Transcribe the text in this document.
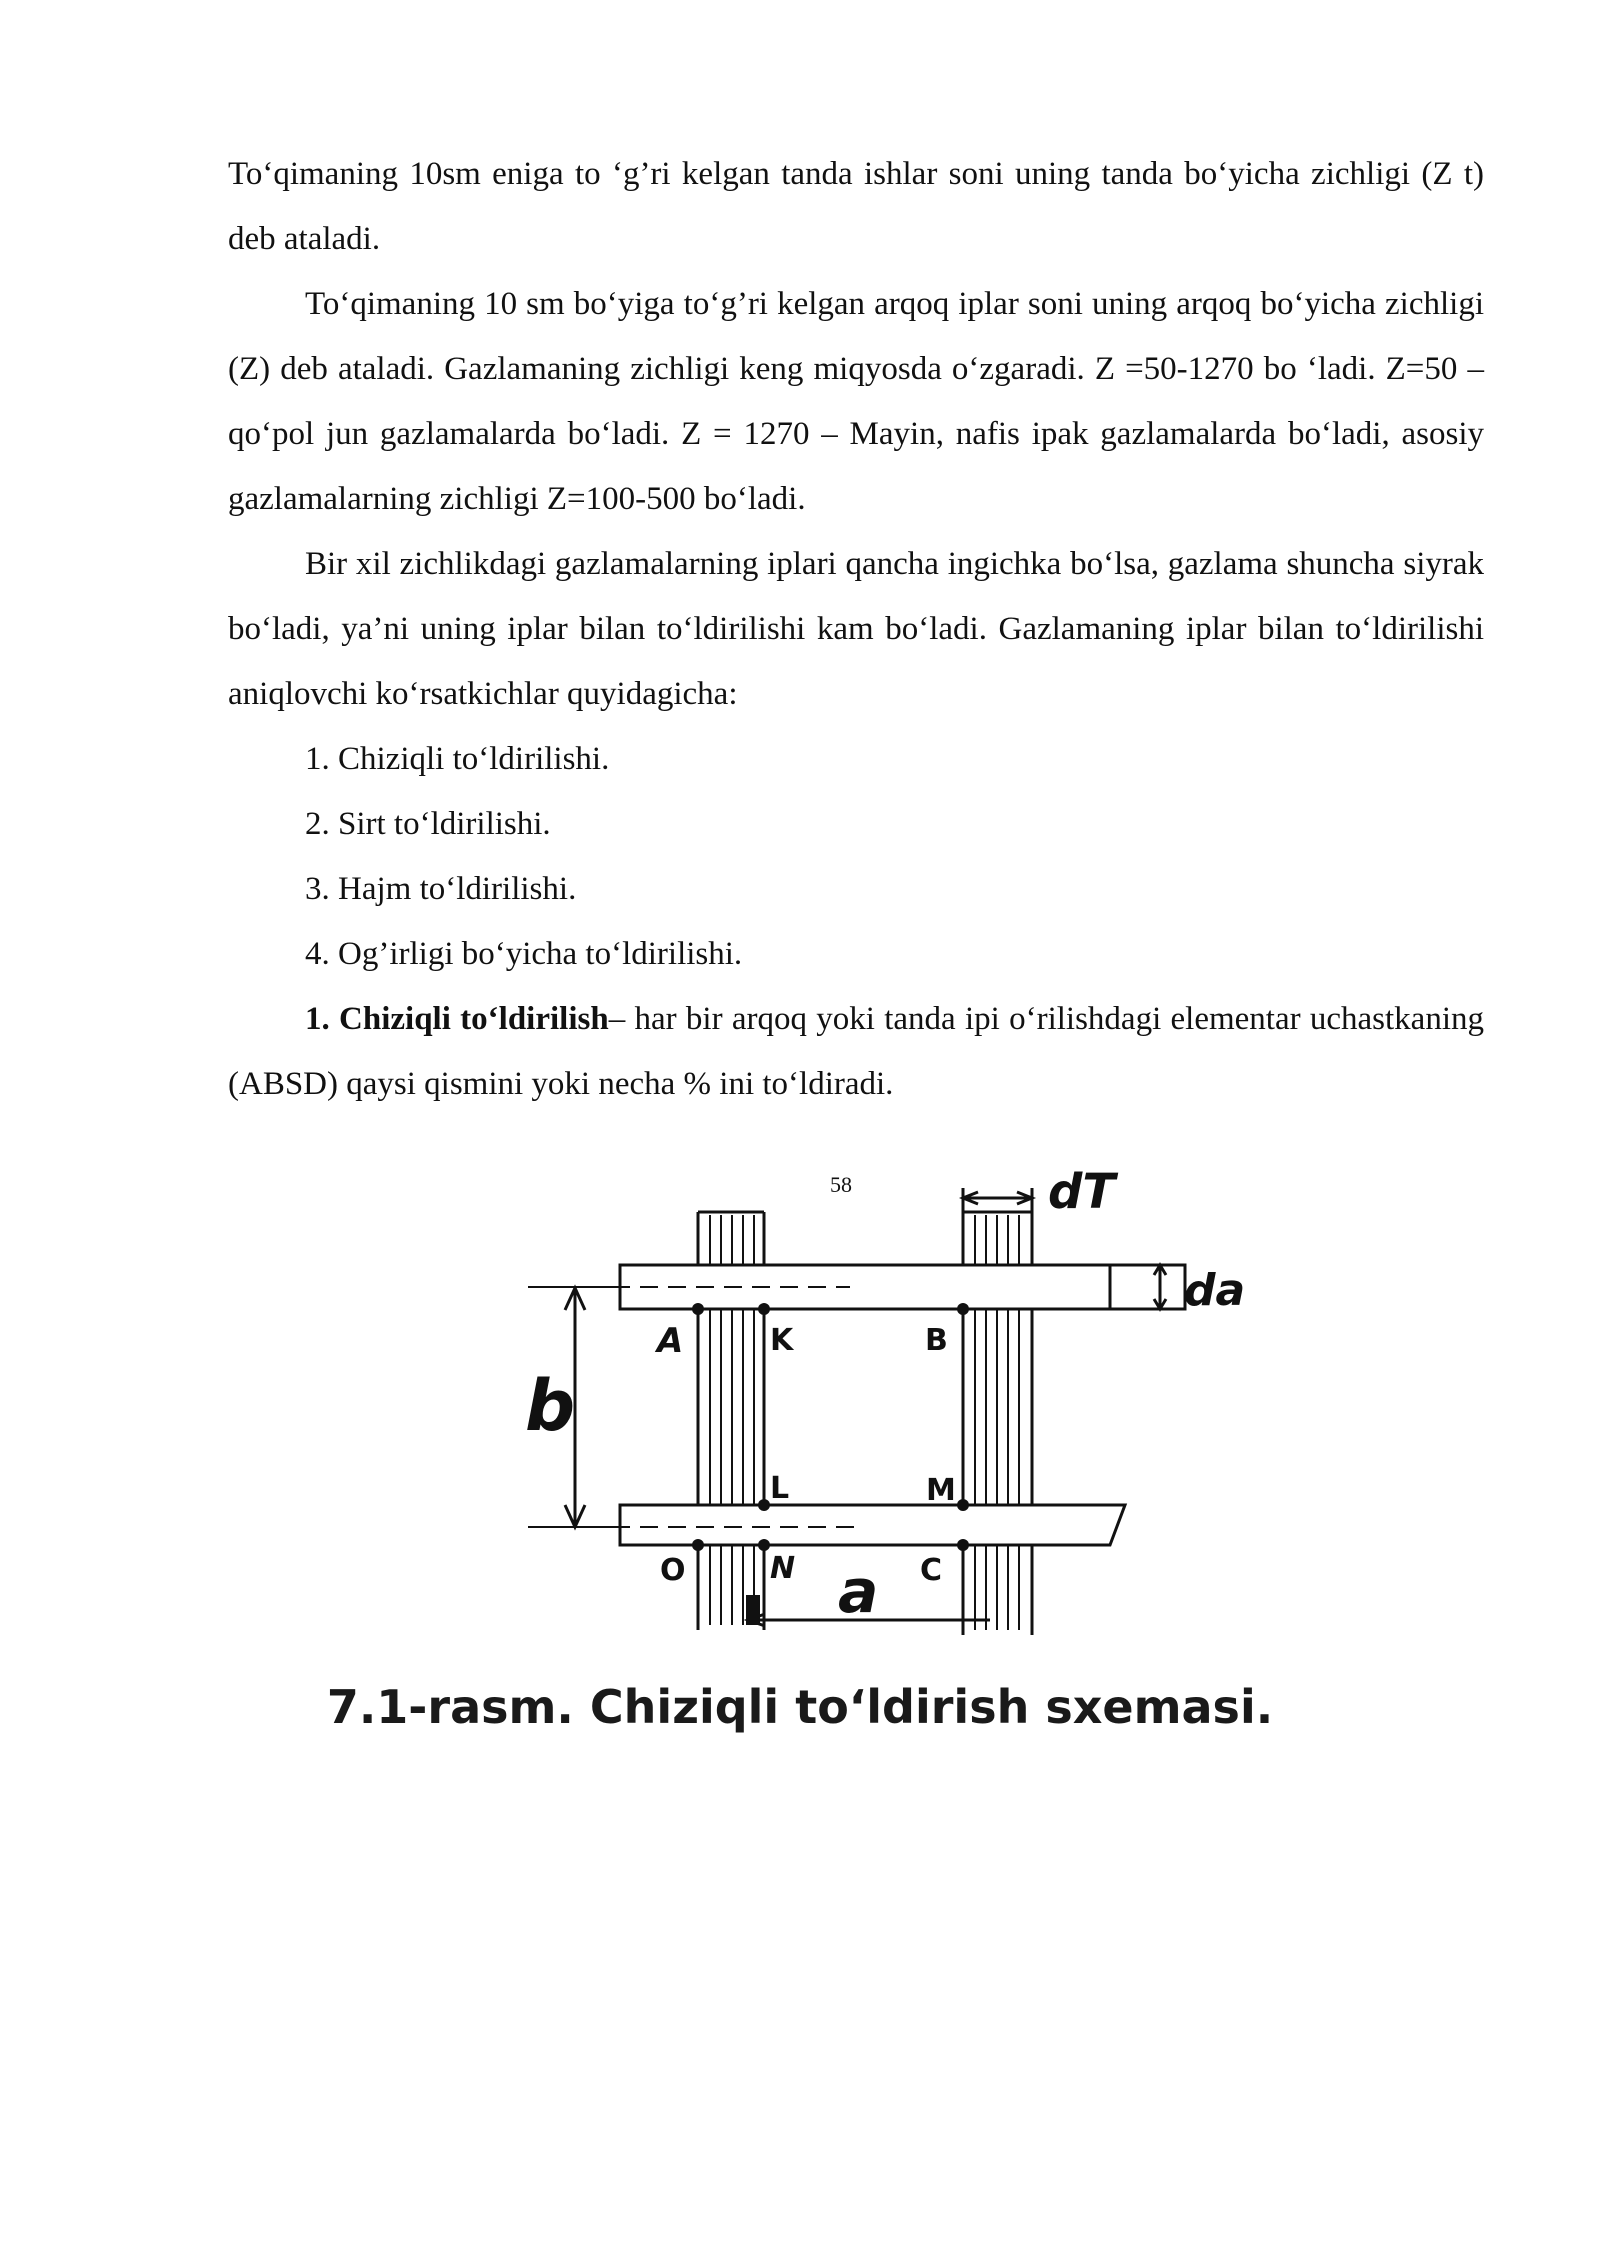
To‘qimaning 10sm eniga to ‘g’ri kelgan tanda ishlar soni uning tanda bo‘yicha zichligi (Z t) deb ataladi.

To‘qimaning 10 sm bo‘yiga to‘g’ri kelgan arqoq iplar soni uning arqoq bo‘yicha zichligi (Z) deb ataladi. Gazlamaning zichligi keng miqyosda o‘zgaradi. Z =50-1270 bo ‘ladi. Z=50 – qo‘pol jun gazlamalarda bo‘ladi. Z = 1270 – Mayin, nafis ipak gazlamalarda bo‘ladi, asosiy gazlamalarning zichligi Z=100-500 bo‘ladi.

Bir xil zichlikdagi gazlamalarning iplari qancha ingichka bo‘lsa, gazlama shuncha siyrak bo‘ladi, ya’ni uning iplar bilan to‘ldirilishi kam bo‘ladi. Gazlamaning iplar bilan to‘ldirilishi aniqlovchi ko‘rsatkichlar quyidagicha:

1. Chiziqli to‘ldirilishi.

2. Sirt to‘ldirilishi.

3. Hajm to‘ldirilishi.

4. Og’irligi bo‘yicha to‘ldirilishi.

1. Chiziqli to‘ldirilish– har bir arqoq yoki tanda ipi o‘rilishdagi elementar uchastkaning (ABSD) qaysi qismini yoki necha % ini to‘ldiradi.

58	dT
da
A	K	B
b
L	M
O	N	C
a
7.1-rasm. Chiziqli to‘ldirish sxemasi.
